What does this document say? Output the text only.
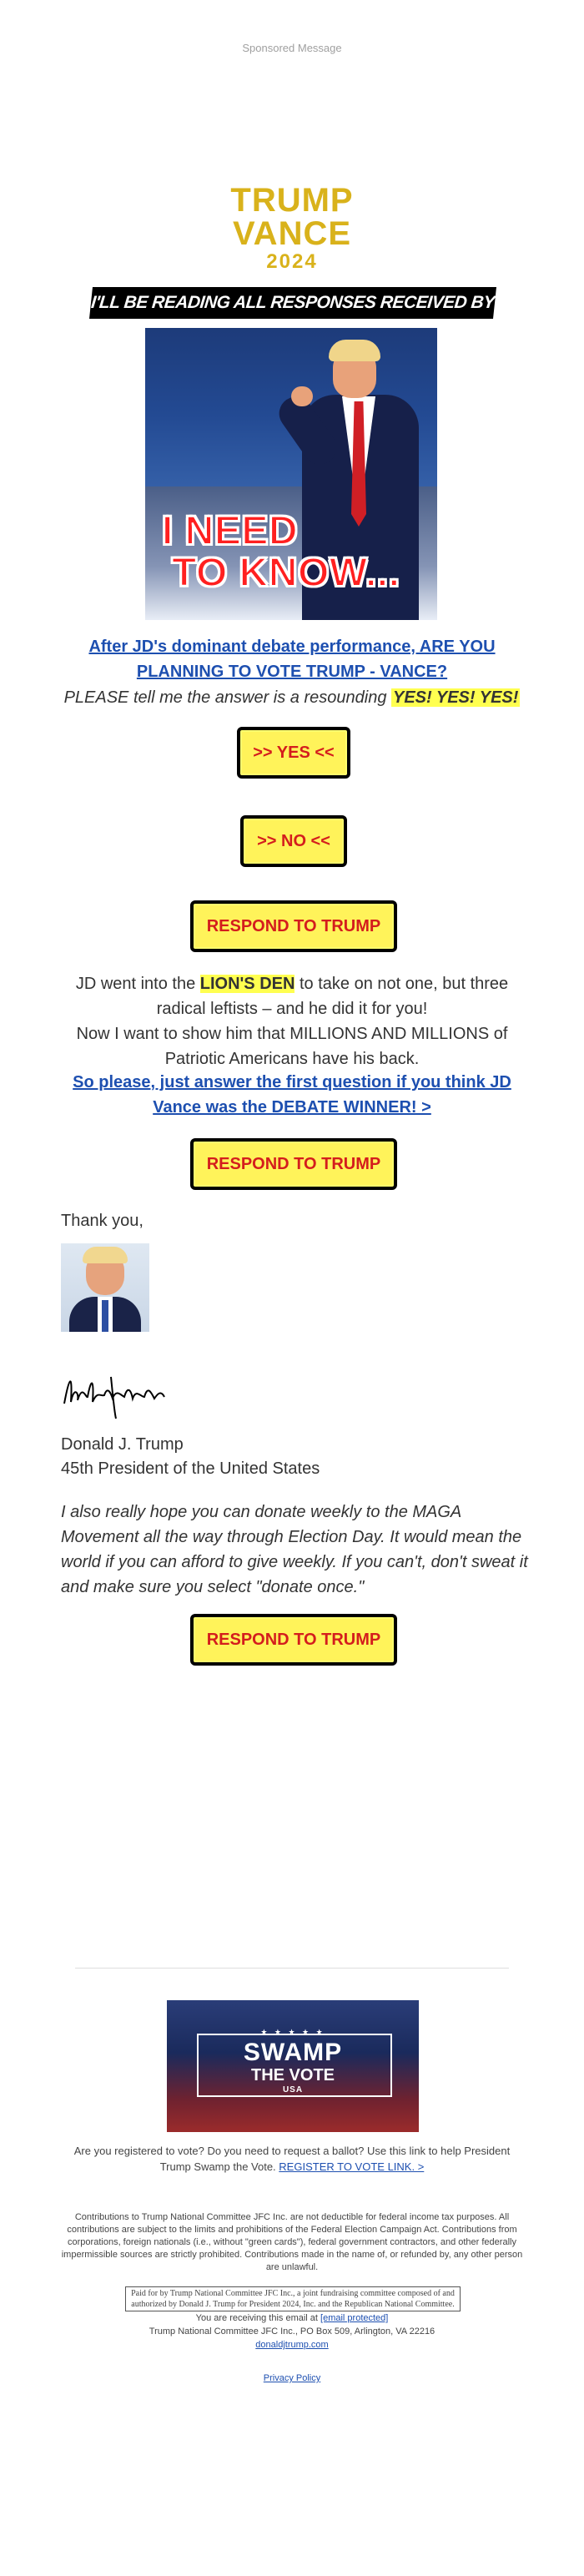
Sponsored Message
TRUMP
VANCE
2024
I'LL BE READING ALL RESPONSES RECEIVED BY
I NEED
TO KNOW...
After JD's dominant debate performance, ARE YOU
PLANNING TO VOTE TRUMP - VANCE?
PLEASE tell me the answer is a resounding YES! YES! YES!
>> YES <<
>> NO <<
RESPOND TO TRUMP
JD went into the LION'S DEN to take on not one, but three radical leftists – and he did it for you!
Now I want to show him that MILLIONS AND MILLIONS of Patriotic Americans have his back.
So please, just answer the first question if you think JD Vance was the DEBATE WINNER! >
RESPOND TO TRUMP
Thank you,
Donald J. Trump
45th President of the United States
I also really hope you can donate weekly to the MAGA Movement all the way through Election Day. It would mean the world if you can afford to give weekly. If you can't, don't sweat it and make sure you select "donate once."
RESPOND TO TRUMP
★ ★ ★ ★ ★
SWAMP
THE VOTE
USA
Are you registered to vote? Do you need to request a ballot? Use this link to help President Trump Swamp the Vote. REGISTER TO VOTE LINK. >
Contributions to Trump National Committee JFC Inc. are not deductible for federal income tax purposes. All contributions are subject to the limits and prohibitions of the Federal Election Campaign Act. Contributions from corporations, foreign nationals (i.e., without "green cards"), federal government contractors, and other federally impermissible sources are strictly prohibited. Contributions made in the name of, or refunded by, any other person are unlawful.
Paid for by Trump National Committee JFC Inc., a joint fundraising committee composed of and authorized by Donald J. Trump for President 2024, Inc. and the Republican National Committee.
You are receiving this email at [email protected]
Trump National Committee JFC Inc., PO Box 509, Arlington, VA 22216
donaldjtrump.com
Privacy Policy
